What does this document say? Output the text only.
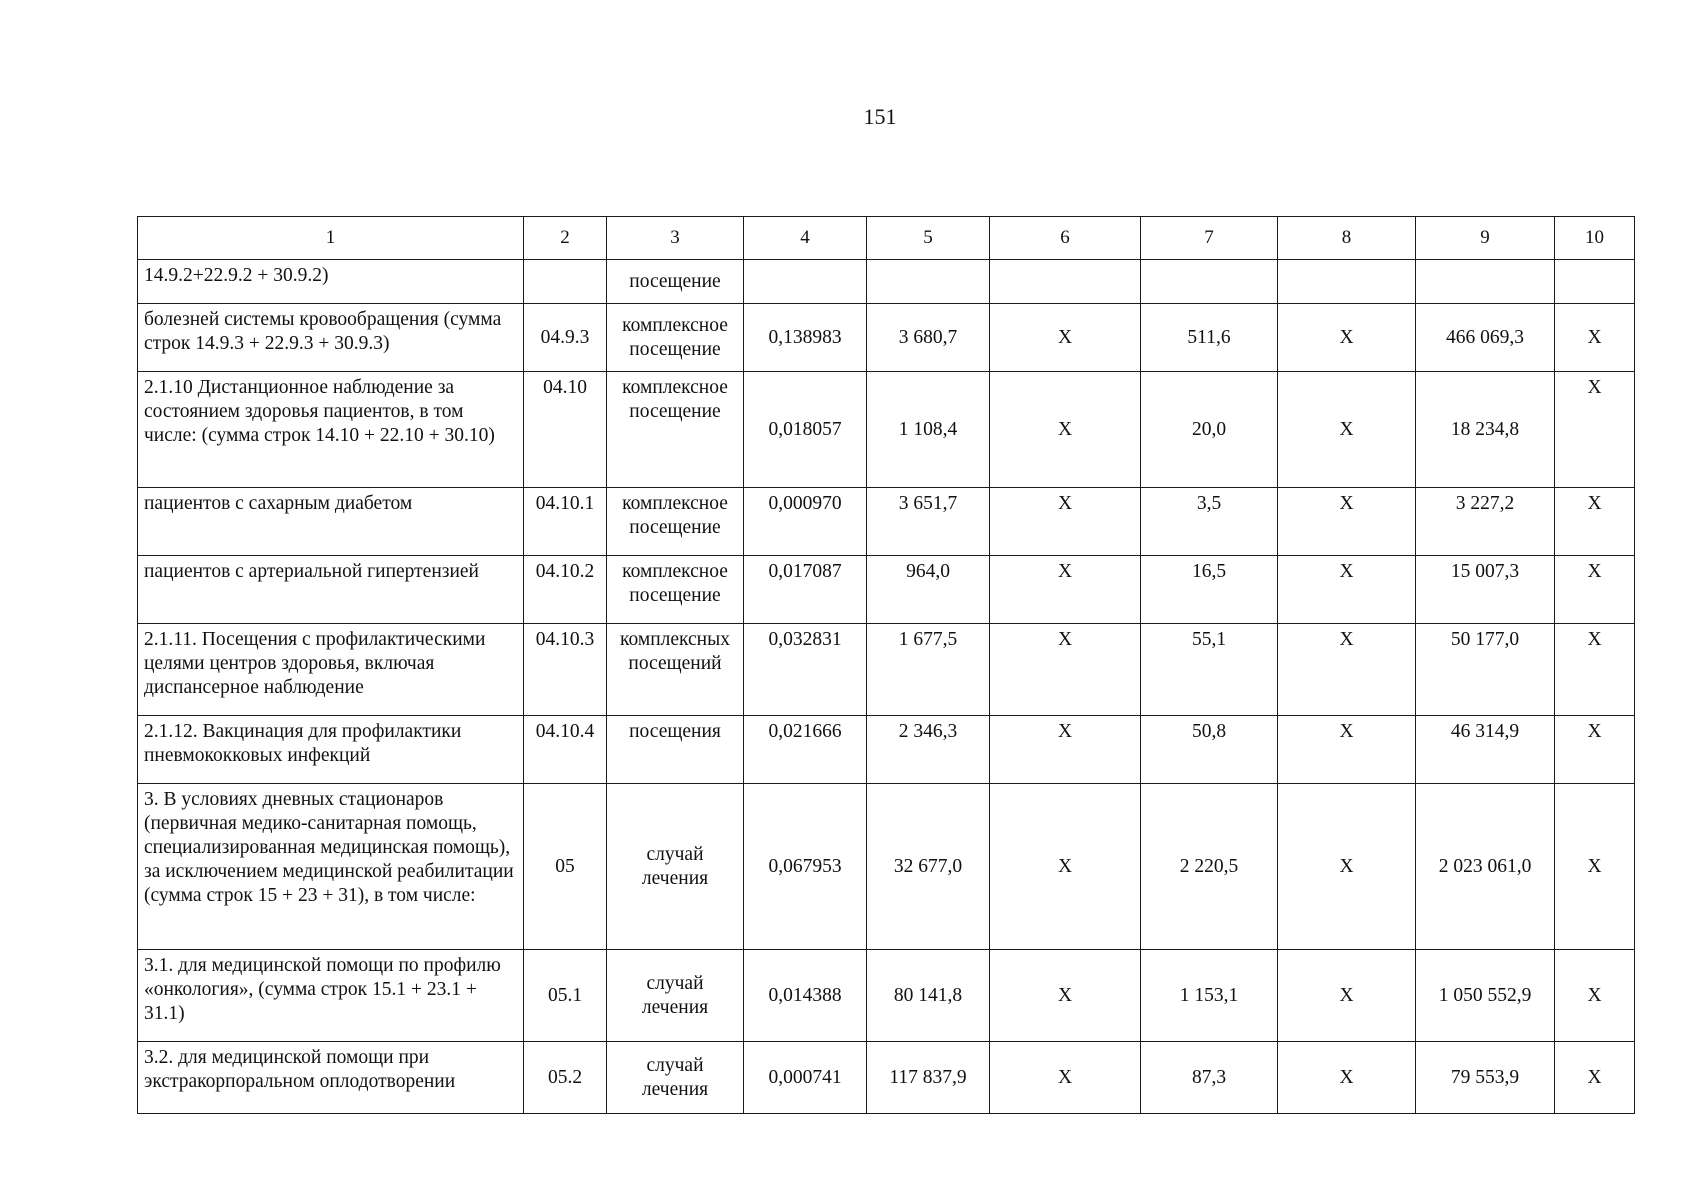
151
1	2	3	4	5	6	7	8	9	10
14.9.2+22.9.2 + 30.9.2)		посещение							
болезней системы кровообращения (сумма строк 14.9.3 + 22.9.3 + 30.9.3)	04.9.3	комплексное посещение	0,138983	3 680,7	X	511,6	X	466 069,3	X
2.1.10 Дистанционное наблюдение за состоянием здоровья пациентов, в том числе: (сумма строк 14.10 + 22.10 + 30.10)	04.10	комплексное посещение	0,018057	1 108,4	X	20,0	X	18 234,8	X
пациентов с сахарным диабетом	04.10.1	комплексное посещение	0,000970	3 651,7	X	3,5	X	3 227,2	X
пациентов с артериальной гипертензией	04.10.2	комплексное посещение	0,017087	964,0	X	16,5	X	15 007,3	X
2.1.11. Посещения с профилактическими целями центров здоровья, включая диспансерное наблюдение	04.10.3	комплексных посещений	0,032831	1 677,5	X	55,1	X	50 177,0	X
2.1.12. Вакцинация для профилактики пневмококковых инфекций	04.10.4	посещения	0,021666	2 346,3	X	50,8	X	46 314,9	X
3. В условиях дневных стационаров (первичная медико-санитарная помощь, специализированная медицинская помощь), за исключением медицинской реабилитации (сумма строк 15 + 23 + 31), в том числе:	05	случай лечения	0,067953	32 677,0	X	2 220,5	X	2 023 061,0	X
3.1. для медицинской помощи по профилю «онкология», (сумма строк 15.1 + 23.1 + 31.1)	05.1	случай лечения	0,014388	80 141,8	X	1 153,1	X	1 050 552,9	X
3.2. для медицинской помощи при экстракорпоральном оплодотворении	05.2	случай лечения	0,000741	117 837,9	X	87,3	X	79 553,9	X
